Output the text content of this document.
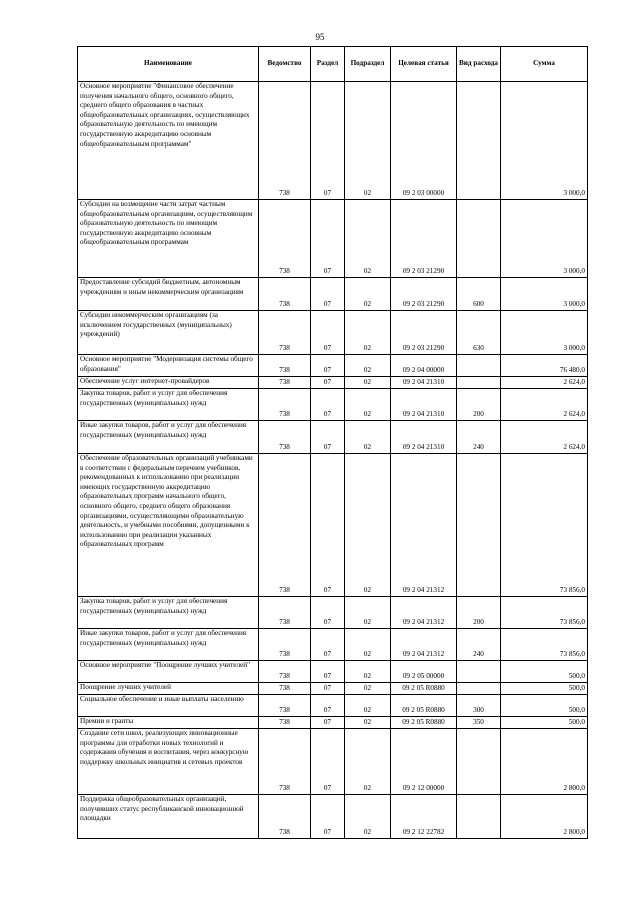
95
Наименование	Ведомство	Раздел	Подраздел	Целевая статья	Вид расхода	Сумма
Основное мероприятие "Финансовое обеспечение получения начального общего, основного общего, среднего общего образования в частных общеобразовательных организациях, осуществляющих образовательную деятельность по имеющим государственную аккредитацию основным общеобразовательным программам"	738	07	02	09 2 03 00000		3 000,0
Субсидии на возмещение части затрат частным общеобразовательным организациям, осуществляющим образовательную деятельность по имеющим государственную аккредитацию основным общеобразовательным программам	738	07	02	09 2 03 21290		3 000,0
Предоставление субсидий бюджетным, автономным учреждениям и иным некоммерческим организациям	738	07	02	09 2 03 21290	600	3 000,0
Субсидии некоммерческим организациям (за исключением государственных (муниципальных) учреждений)	738	07	02	09 2 03 21290	630	3 000,0
Основное мероприятие "Модернизация системы общего образования"	738	07	02	09 2 04 00000		76 480,0
Обеспечение услуг интернет-провайдеров	738	07	02	09 2 04 21310		2 624,0
Закупка товаров, работ и услуг для обеспечения государственных (муниципальных) нужд	738	07	02	09 2 04 21310	200	2 624,0
Иные закупки товаров, работ и услуг для обеспечения государственных (муниципальных) нужд	738	07	02	09 2 04 21310	240	2 624,0
Обеспечение образовательных организаций учебниками в соответствии с федеральным перечнем учебников, рекомендованных к использованию при реализации имеющих государственную аккредитацию образовательных программ начального общего, основного общего, среднего общего образования организациями, осуществляющими образовательную деятельность, и учебными пособиями, допущенными к использованию при реализации указанных образовательных программ	738	07	02	09 2 04 21312		73 856,0
Закупка товаров, работ и услуг для обеспечения государственных (муниципальных) нужд	738	07	02	09 2 04 21312	200	73 856,0
Иные закупки товаров, работ и услуг для обеспечения государственных (муниципальных) нужд	738	07	02	09 2 04 21312	240	73 856,0
Основное мероприятие "Поощрение лучших учителей"	738	07	02	09 2 05 00000		500,0
Поощрение лучших учителей	738	07	02	09 2 05 R0880		500,0
Социальное обеспечение и иные выплаты населению	738	07	02	09 2 05 R0880	300	500,0
Премии и гранты	738	07	02	09 2 05 R0880	350	500,0
Создание сети школ, реализующих инновационные программы для отработки новых технологий и содержания обучения и воспитания, через конкурсную поддержку школьных инициатив и сетевых проектов	738	07	02	09 2 12 00000		2 800,0
Поддержка общеобразовательных организаций, получивших статус республиканской инновационной площадки	738	07	02	09 2 12 22782		2 800,0
